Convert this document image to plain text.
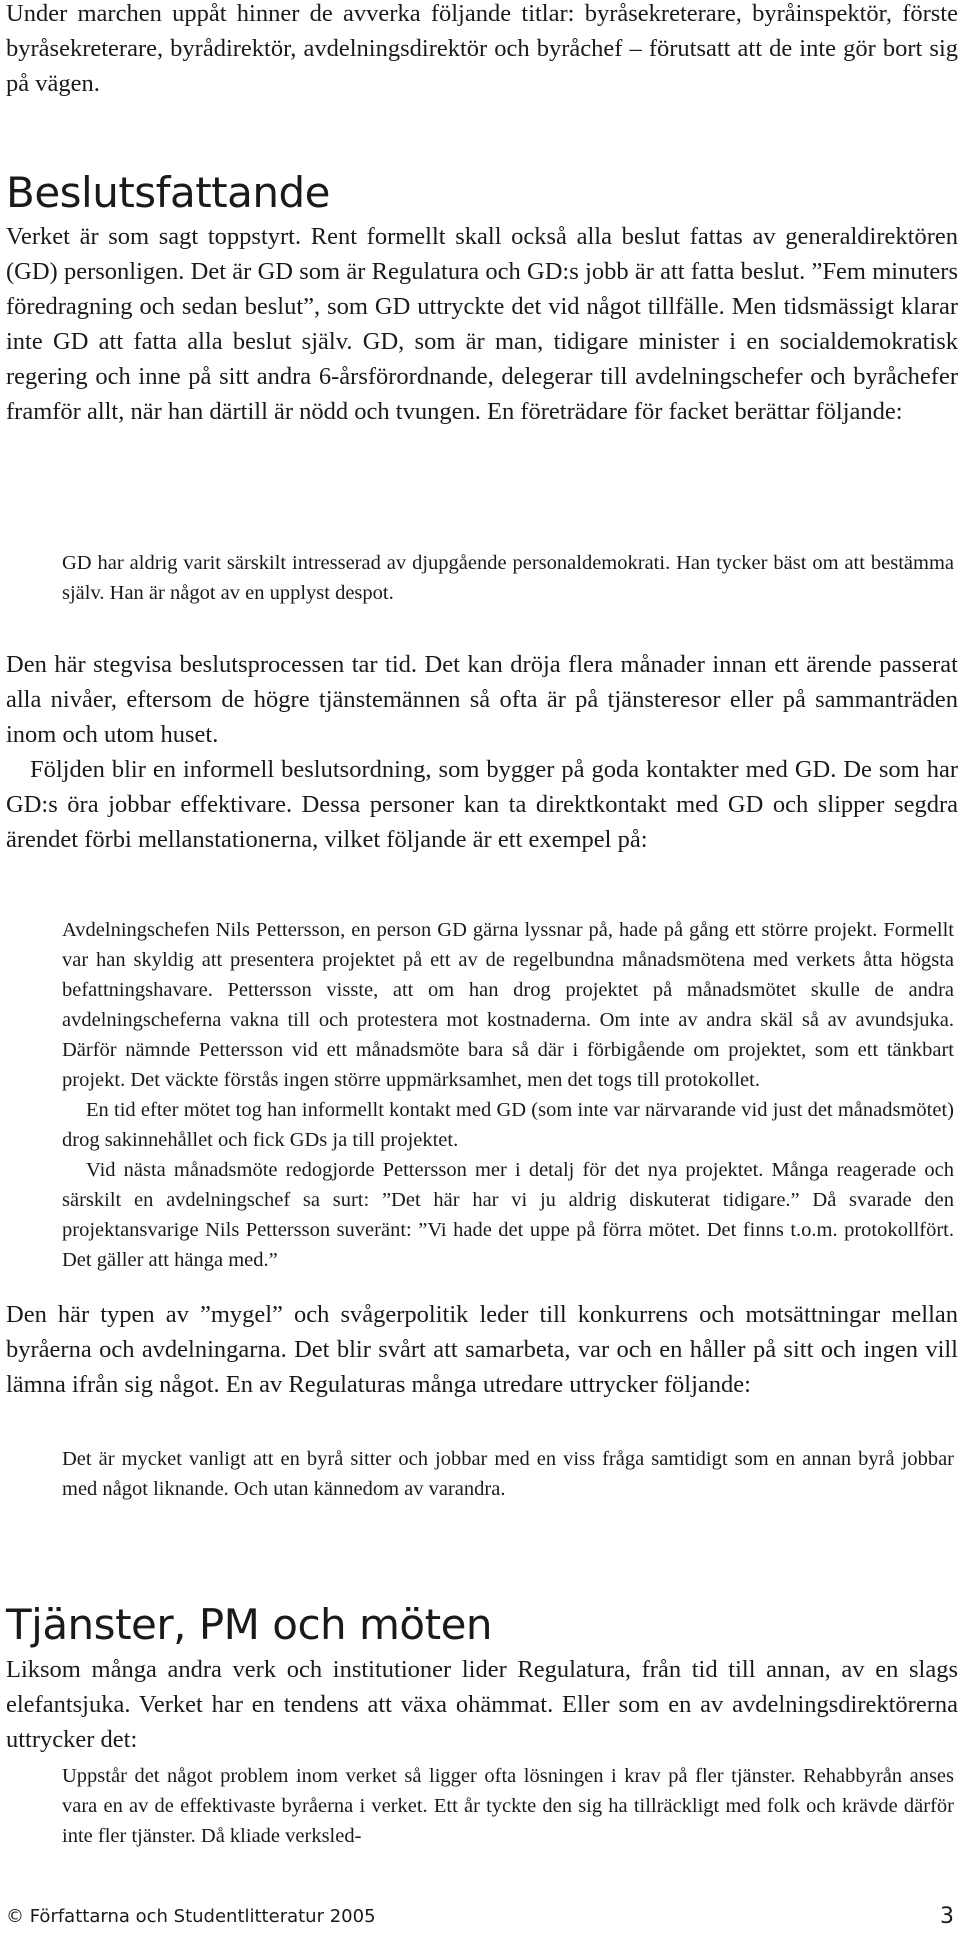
Under marchen uppåt hinner de avverka följande titlar: byråsekreterare, byråinspektör, förste byråsekreterare, byrådirektör, avdelningsdirektör och byråchef – förutsatt att de inte gör bort sig på vägen.

Beslutsfattande

Verket är som sagt toppstyrt. Rent formellt skall också alla beslut fattas av generaldirektören (GD) personligen. Det är GD som är Regulatura och GD:s jobb är att fatta beslut. ”Fem minuters föredragning och sedan beslut”, som GD uttryckte det vid något tillfälle. Men tidsmässigt klarar inte GD att fatta alla beslut själv. GD, som är man, tidigare minister i en socialdemokratisk regering och inne på sitt andra 6-årsförordnande, delegerar till avdelningschefer och byråchefer framför allt, när han därtill är nödd och tvungen. En företrädare för facket berättar följande:

GD har aldrig varit särskilt intresserad av djupgående personaldemokrati. Han tycker bäst om att bestämma själv. Han är något av en upplyst despot.

Den här stegvisa beslutsprocessen tar tid. Det kan dröja flera månader innan ett ärende passerat alla nivåer, eftersom de högre tjänstemännen så ofta är på tjänsteresor eller på sammanträden inom och utom huset.

Följden blir en informell beslutsordning, som bygger på goda kontakter med GD. De som har GD:s öra jobbar effektivare. Dessa personer kan ta direktkontakt med GD och slipper segdra ärendet förbi mellanstationerna, vilket följande är ett exempel på:

Avdelningschefen Nils Pettersson, en person GD gärna lyssnar på, hade på gång ett större projekt. Formellt var han skyldig att presentera projektet på ett av de regelbundna månadsmötena med verkets åtta högsta befattningshavare. Pettersson visste, att om han drog projektet på månadsmötet skulle de andra avdelningscheferna vakna till och protestera mot kostnaderna. Om inte av andra skäl så av avundsjuka. Därför nämnde Pettersson vid ett månadsmöte bara så där i förbigående om projektet, som ett tänkbart projekt. Det väckte förstås ingen större uppmärksamhet, men det togs till protokollet.

En tid efter mötet tog han informellt kontakt med GD (som inte var närvarande vid just det månadsmötet) drog sakinnehållet och fick GDs ja till projektet.

Vid nästa månadsmöte redogjorde Pettersson mer i detalj för det nya projektet. Många reagerade och särskilt en avdelningschef sa surt: ”Det här har vi ju aldrig diskuterat tidigare.” Då svarade den projektansvarige Nils Pettersson suveränt: ”Vi hade det uppe på förra mötet. Det finns t.o.m. protokollfört. Det gäller att hänga med.”

Den här typen av ”mygel” och svågerpolitik leder till konkurrens och motsättningar mellan byråerna och avdelningarna. Det blir svårt att samarbeta, var och en håller på sitt och ingen vill lämna ifrån sig något. En av Regulaturas många utredare uttrycker följande:

Det är mycket vanligt att en byrå sitter och jobbar med en viss fråga samtidigt som en annan byrå jobbar med något liknande. Och utan kännedom av varandra.

Tjänster, PM och möten

Liksom många andra verk och institutioner lider Regulatura, från tid till annan, av en slags elefantsjuka. Verket har en tendens att växa ohämmat. Eller som en av avdelningsdirektörerna uttrycker det:

Uppstår det något problem inom verket så ligger ofta lösningen i krav på fler tjänster. Rehabbyrån anses vara en av de effektivaste byråerna i verket. Ett år tyckte den sig ha tillräckligt med folk och krävde därför inte fler tjänster. Då kliade verksled-

© Författarna och Studentlitteratur 2005	3
